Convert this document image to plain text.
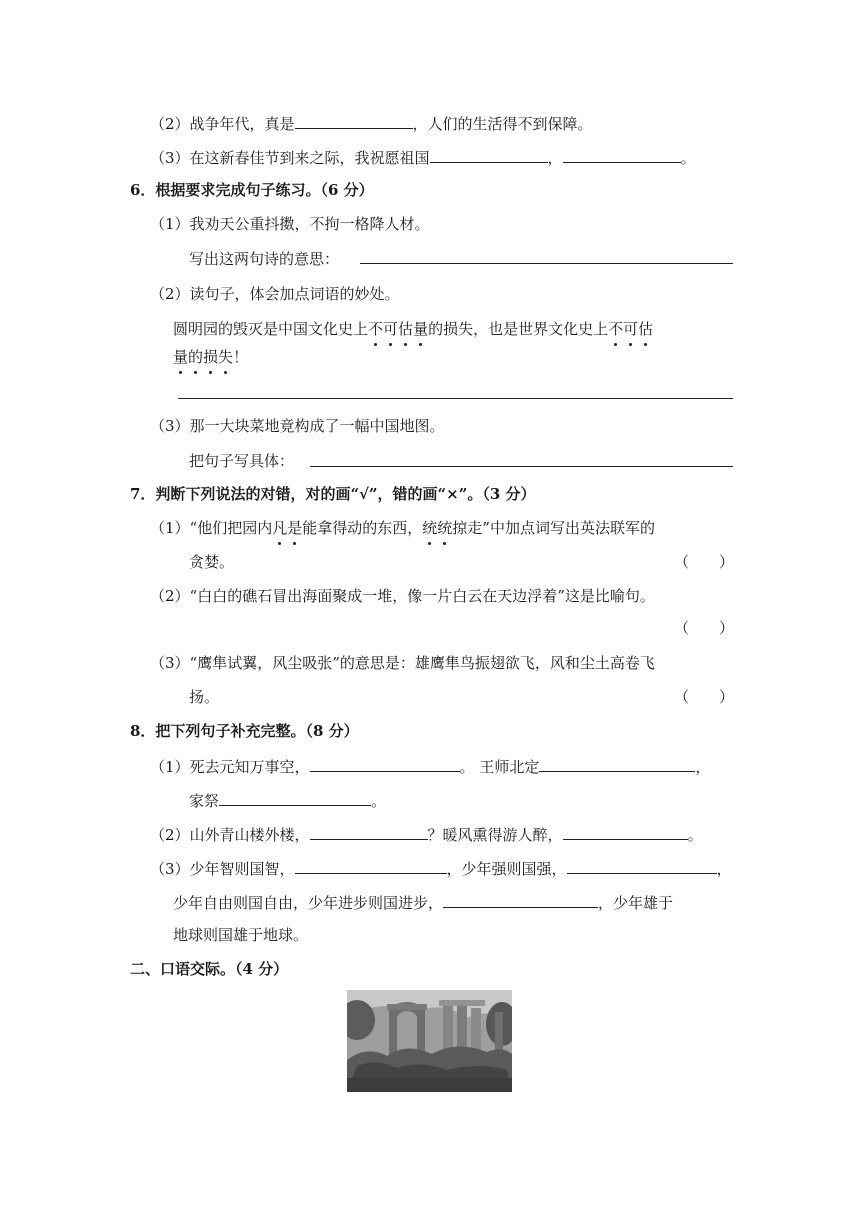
（2）战争年代，真是	，人们的生活得不到保障。
（3）在这新春佳节到来之际，我祝愿祖国	，	。
6．根据要求完成句子练习。（6 分）
（1）我劝天公重抖擞，不拘一格降人材。
写出这两句诗的意思：
（2）读句子，体会加点词语的妙处。
圆明园的毁灭是中国文化史上不可估量的损失，也是世界文化史上不可估
量的损失！
（3）那一大块菜地竟构成了一幅中国地图。
把句子写具体：
7．判断下列说法的对错，对的画“√”，错的画“×”。（3 分）
（1）“他们把园内凡是能拿得动的东西，统统掠走”中加点词写出英法联军的
贪婪。	（　　）
（2）“白白的礁石冒出海面聚成一堆，像一片白云在天边浮着”这是比喻句。
（　　）
（3）“鹰隼试翼，风尘吸张”的意思是：雄鹰隼鸟振翅欲飞，风和尘土高卷飞
扬。	（　　）
8．把下列句子补充完整。（8 分）
（1）死去元知万事空，	。 王师北定	，
家祭	。
（2）山外青山楼外楼，	？暖风熏得游人醉，	。
（3）少年智则国智，	，少年强则国强，	，
少年自由则国自由，少年进步则国进步，	，少年雄于
地球则国雄于地球。
二、口语交际。（4 分）
